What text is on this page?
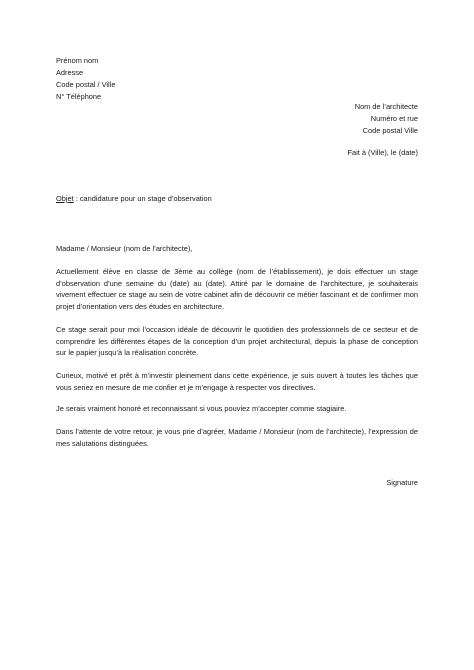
Prénom nom
Adresse
Code postal / Ville
N° Téléphone
Nom de l’architecte
Numéro et rue
Code postal Ville
Fait à (Ville), le (date)
Objet : candidature pour un stage d’observation
Madame / Monsieur (nom de l’architecte),
Actuellement élève en classe de 3ème au collège (nom de l’établissement), je dois effectuer un stage d’observation d’une semaine du (date) au (date). Attiré par le domaine de l’architecture, je souhaiterais vivement effectuer ce stage au sein de votre cabinet afin de découvrir ce métier fascinant et de confirmer mon projet d’orientation vers des études en architecture.
Ce stage serait pour moi l’occasion idéale de découvrir le quotidien des professionnels de ce secteur et de comprendre les différentes étapes de la conception d’un projet architectural, depuis la phase de conception sur le papier jusqu’à la réalisation concrète.
Curieux, motivé et prêt à m’investir pleinement dans cette expérience, je suis ouvert à toutes les tâches que vous seriez en mesure de me confier et je m’engage à respecter vos directives.
Je serais vraiment honoré et reconnaissant si vous pouviez m’accepter comme stagiaire.
Dans l’attente de votre retour, je vous prie d’agréer, Madame / Monsieur (nom de l’architecte), l’expression de mes salutations distinguées.
Signature
